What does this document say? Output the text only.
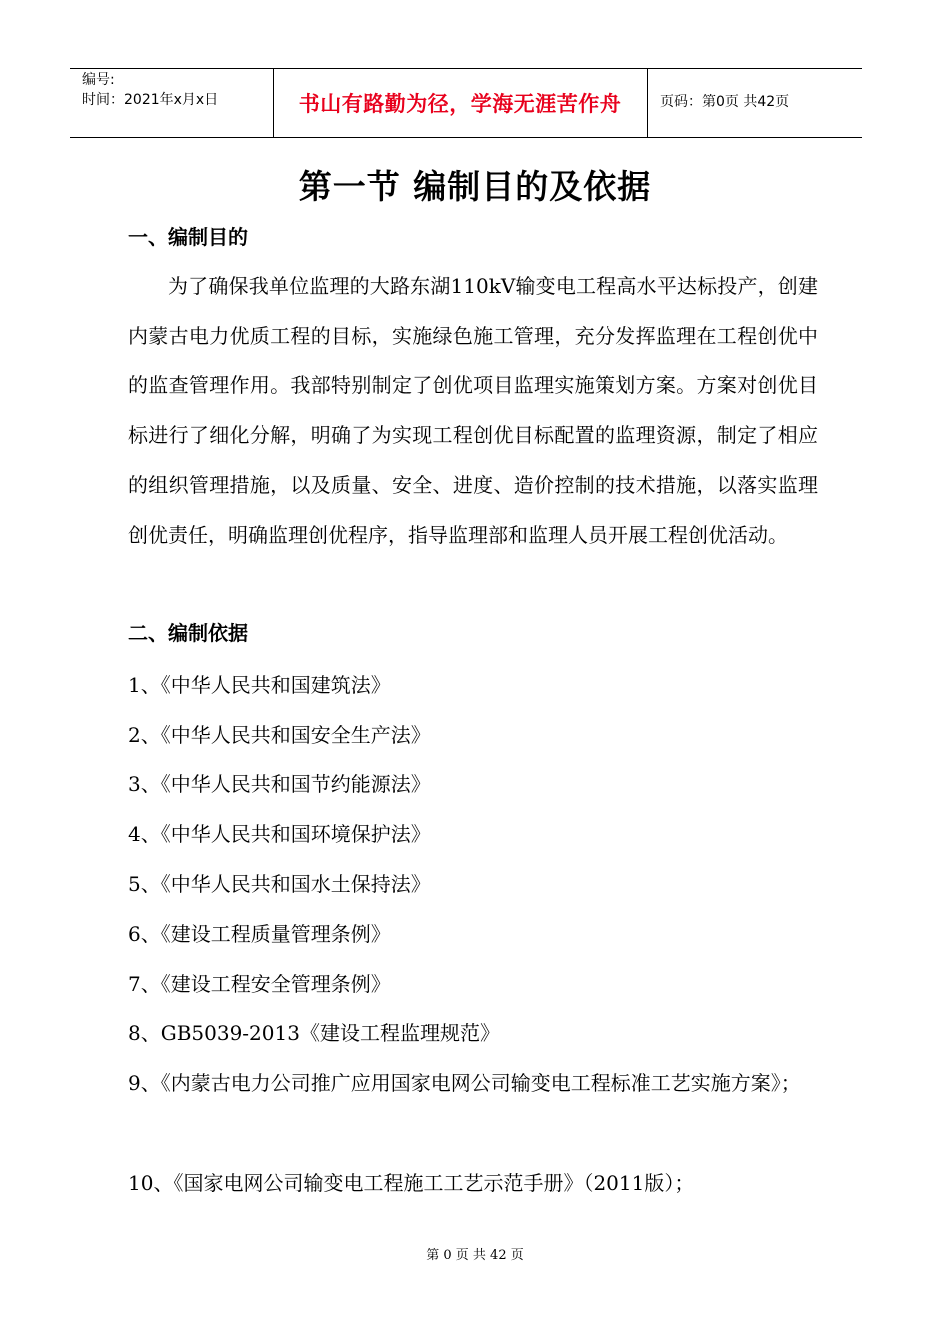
编号:
时间：2021年x月x日	书山有路勤为径，学海无涯苦作舟	页码：第0页 共42页
第一节 编制目的及依据
一、编制目的

为了确保我单位监理的大路东湖110kV输变电工程高水平达标投产，创建内蒙古电力优质工程的目标，实施绿色施工管理，充分发挥监理在工程创优中的监查管理作用。我部特别制定了创优项目监理实施策划方案。方案对创优目标进行了细化分解，明确了为实现工程创优目标配置的监理资源，制定了相应的组织管理措施，以及质量、安全、进度、造价控制的技术措施，以落实监理创优责任，明确监理创优程序，指导监理部和监理人员开展工程创优活动。

二、编制依据
1、《中华人民共和国建筑法》
2、《中华人民共和国安全生产法》
3、《中华人民共和国节约能源法》
4、《中华人民共和国环境保护法》
5、《中华人民共和国水土保持法》
6、《建设工程质量管理条例》
7、《建设工程安全管理条例》
8、GB5039-2013《建设工程监理规范》

9、《内蒙古电力公司推广应用国家电网公司输变电工程标准工艺实施方案》；

10、《国家电网公司输变电工程施工工艺示范手册》（2011版）；
第 0 页 共 42 页
